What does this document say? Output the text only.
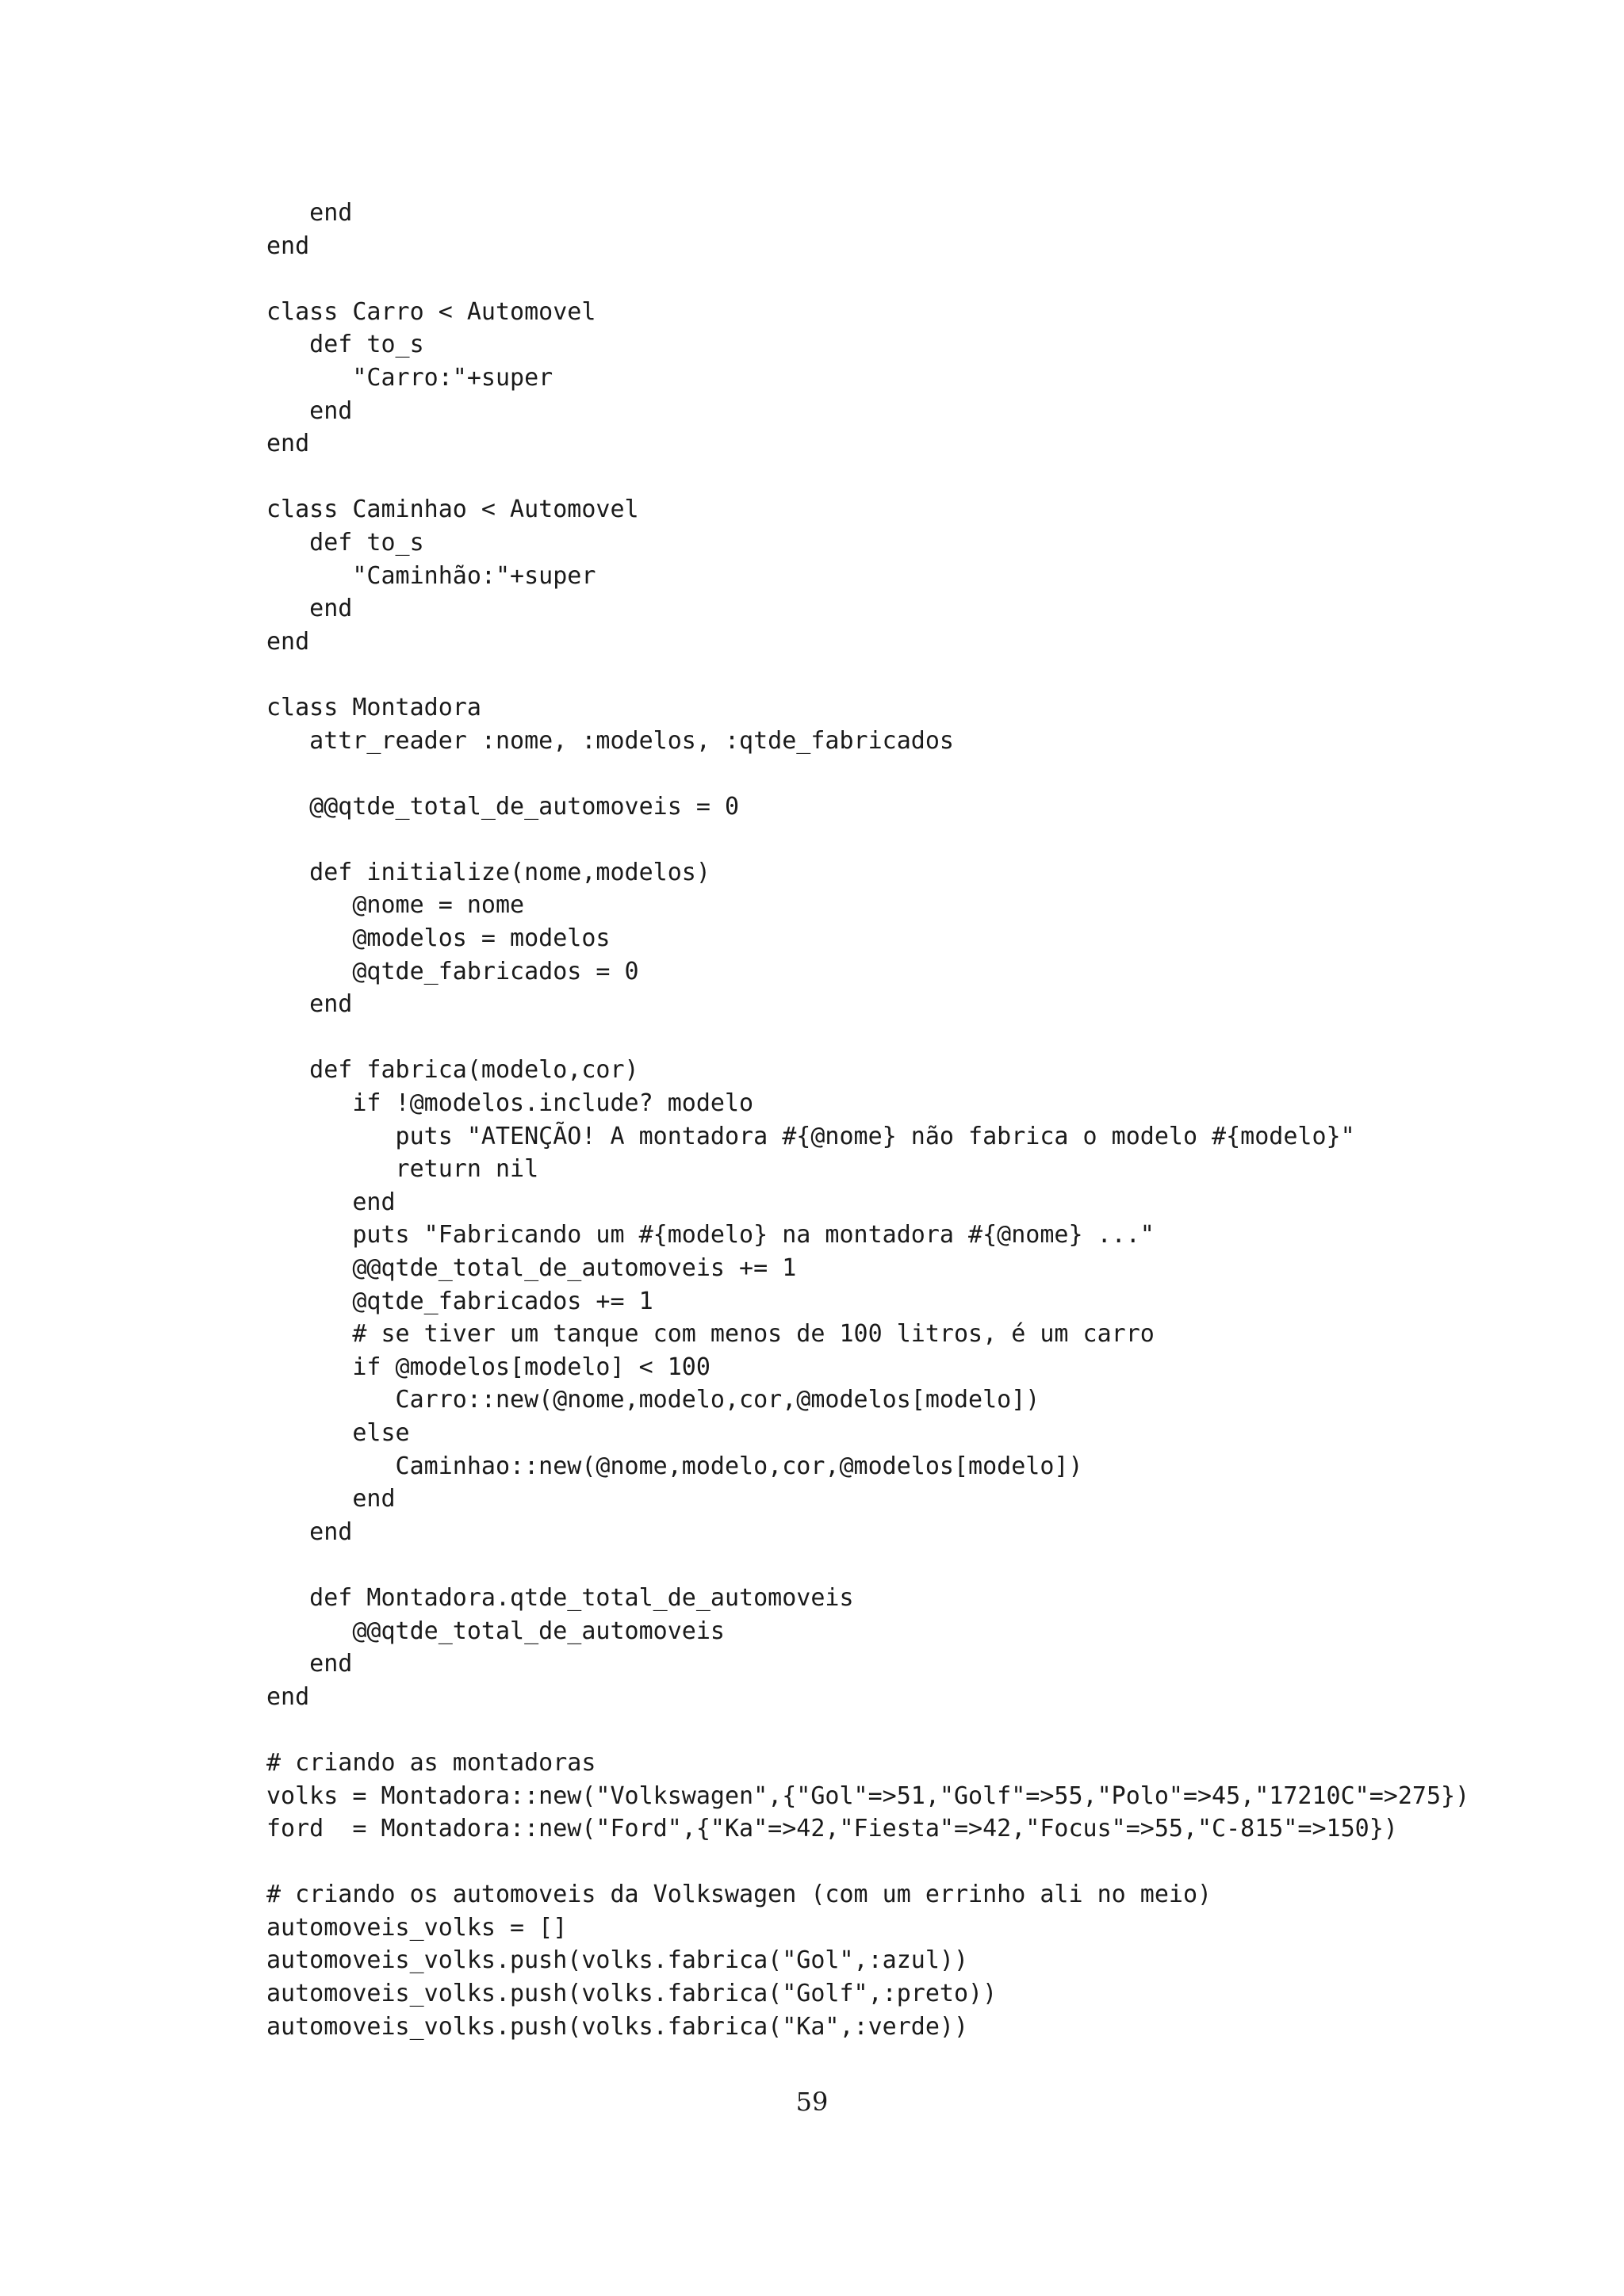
end
end
class Carro < Automovel
def to_s
"Carro:"+super
end
end
class Caminhao < Automovel
def to_s
"Caminhão:"+super
end
end
class Montadora
attr_reader :nome, :modelos, :qtde_fabricados
@@qtde_total_de_automoveis = 0
def initialize(nome,modelos)
@nome = nome
@modelos = modelos
@qtde_fabricados = 0
end
def fabrica(modelo,cor)
if !@modelos.include? modelo
puts "ATENÇÃO! A montadora #{@nome} não fabrica o modelo #{modelo}"
return nil
end
puts "Fabricando um #{modelo} na montadora #{@nome} ..."
@@qtde_total_de_automoveis += 1
@qtde_fabricados += 1
# se tiver um tanque com menos de 100 litros, é um carro
if @modelos[modelo] < 100
Carro::new(@nome,modelo,cor,@modelos[modelo])
else
Caminhao::new(@nome,modelo,cor,@modelos[modelo])
end
end
def Montadora.qtde_total_de_automoveis
@@qtde_total_de_automoveis
end
end
# criando as montadoras
volks = Montadora::new("Volkswagen",{"Gol"=>51,"Golf"=>55,"Polo"=>45,"17210C"=>275})
ford  = Montadora::new("Ford",{"Ka"=>42,"Fiesta"=>42,"Focus"=>55,"C-815"=>150})
# criando os automoveis da Volkswagen (com um errinho ali no meio)
automoveis_volks = []
automoveis_volks.push(volks.fabrica("Gol",:azul))
automoveis_volks.push(volks.fabrica("Golf",:preto))
automoveis_volks.push(volks.fabrica("Ka",:verde))
59
